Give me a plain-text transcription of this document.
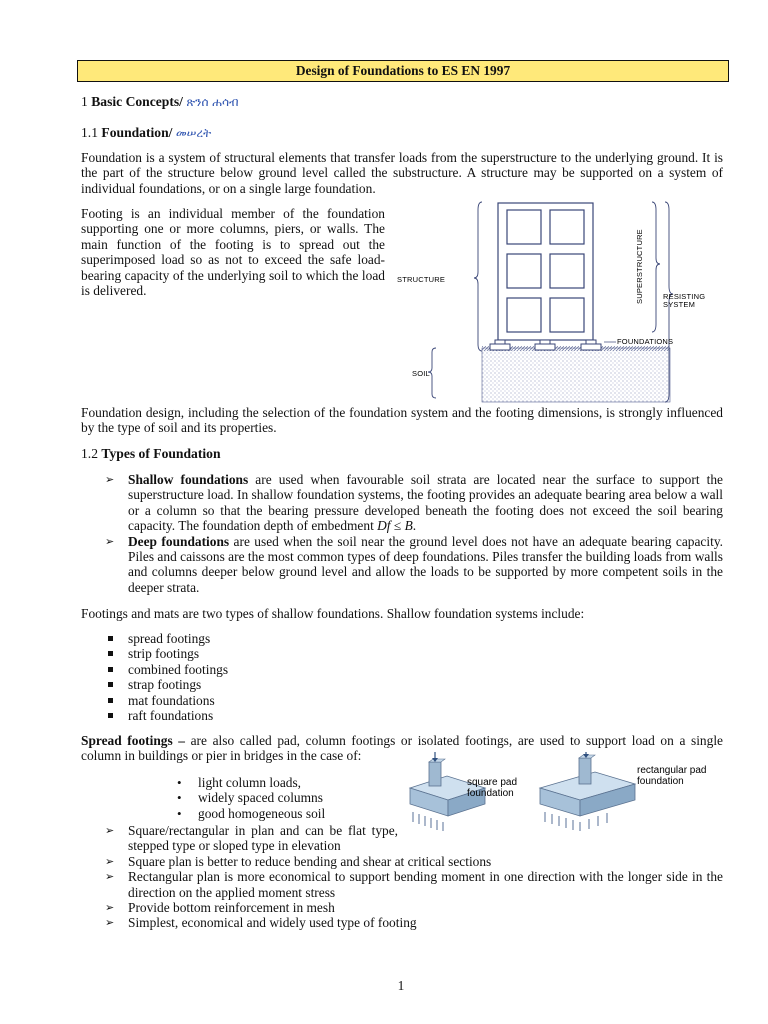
Design of Foundations to ES EN 1997
1 Basic Concepts/ ጽንሰ ሐሳብ
1.1 Foundation/ መሠረት
Foundation is a system of structural elements that transfer loads from the superstructure to the underlying ground. It is the part of the structure below ground level called the substructure. A structure may be supported on a system of individual foundations, or on a single large foundation.
Footing is an individual member of the foundation supporting one or more columns, piers, or walls. The main function of the footing is to spread out the superimposed load so as not to exceed the safe load-bearing capacity of the underlying soil to which the load is delivered.
STRUCTURE
SOIL
FOUNDATIONS
RESISTING
SYSTEM
SUPERSTRUCTURE
Foundation design, including the selection of the foundation system and the footing dimensions, is strongly influenced by the type of soil and its properties.
1.2 Types of Foundation
➢ Shallow foundations are used when favourable soil strata are located near the surface to support the superstructure load. In shallow foundation systems, the footing provides an adequate bearing area below a wall or a column so that the bearing pressure developed beneath the footing does not exceed the soil bearing capacity. The foundation depth of embedment Df ≤ B.
➢ Deep foundations are used when the soil near the ground level does not have an adequate bearing capacity. Piles and caissons are the most common types of deep foundations. Piles transfer the building loads from walls and columns deeper below ground level and allow the loads to be supported by more competent soils in the deeper strata.
Footings and mats are two types of shallow foundations. Shallow foundation systems include:
spread footings
strip footings
combined footings
strap footings
mat foundations
raft foundations
Spread footings – are also called pad, column footings or isolated footings, are used to support load on a single column in buildings or pier in bridges in the case of:
• light column loads,
• widely spaced columns
• good homogeneous soil
square pad
foundation
rectangular pad
foundation
➢ Square/rectangular in plan and can be flat type, stepped type or sloped type in elevation
➢ Square plan is better to reduce bending and shear at critical sections
➢ Rectangular plan is more economical to support bending moment in one direction with the longer side in the direction on the applied moment stress
➢ Provide bottom reinforcement in mesh
➢ Simplest, economical and widely used type of footing
1
